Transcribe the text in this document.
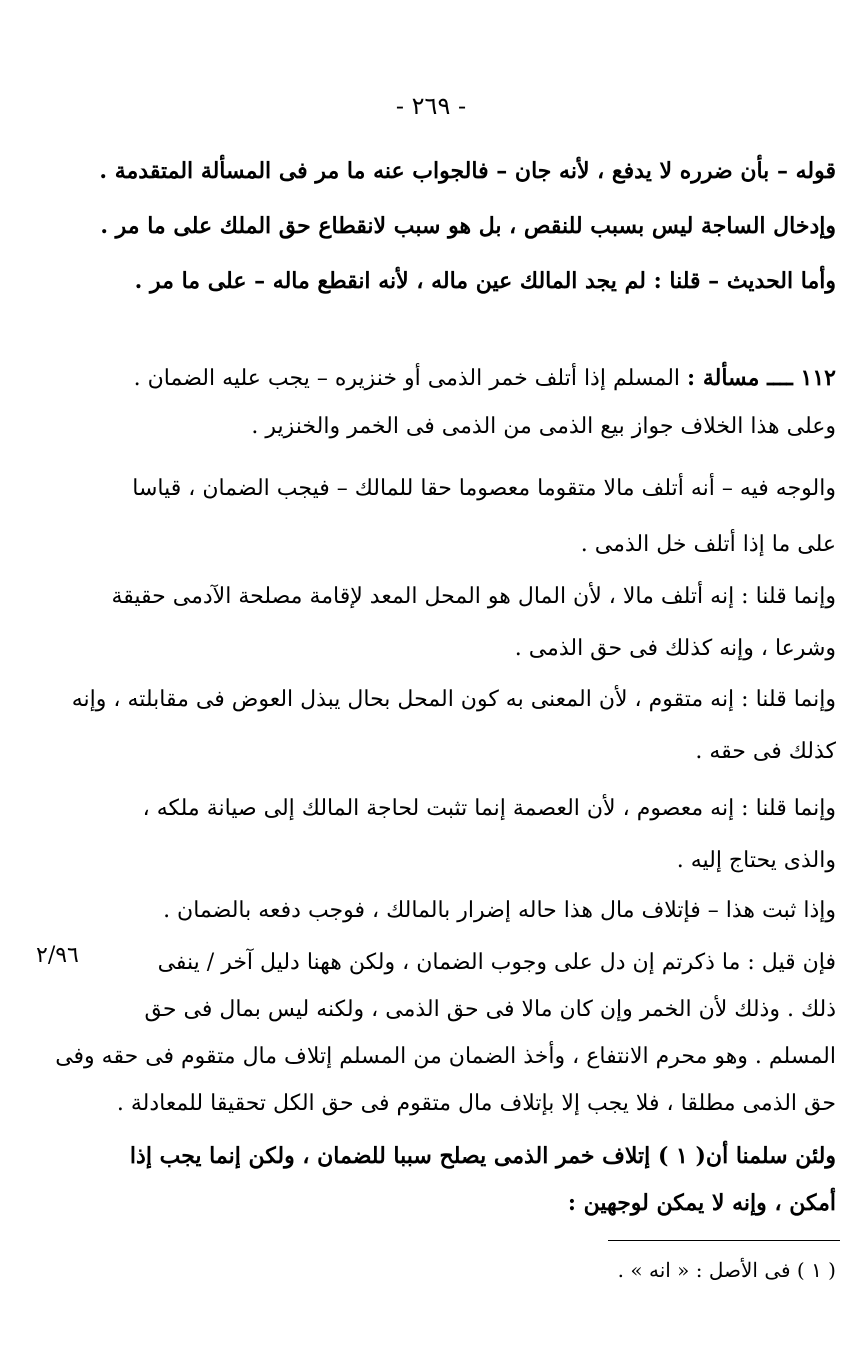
- ٢٦٩ -
قوله – بأن ضرره لا يدفع ، لأنه جان – فالجواب عنه ما مر فى المسألة المتقدمة .
وإدخال الساجة ليس بسبب للنقص ، بل هو سبب لانقطاع حق الملك على ما مر .
وأما الحديث – قلنا : لم يجد المالك عين ماله ، لأنه انقطع ماله – على ما مر .
١١٢ ــــ مسألة : المسلم إذا أتلف خمر الذمى أو خنزيره – يجب عليه الضمان .
وعلى هذا الخلاف جواز بيع الذمى من الذمى فى الخمر والخنزير .
والوجه فيه – أنه أتلف مالا متقوما معصوما حقا للمالك – فيجب الضمان ، قياسا
على ما إذا أتلف خل الذمى .
وإنما قلنا : إنه أتلف مالا ، لأن المال هو المحل المعد لإقامة مصلحة الآدمى حقيقة
وشرعا ، وإنه كذلك فى حق الذمى .
وإنما قلنا : إنه متقوم ، لأن المعنى به كون المحل بحال يبذل العوض فى مقابلته ، وإنه
كذلك فى حقه .
وإنما قلنا : إنه معصوم ، لأن العصمة إنما تثبت لحاجة المالك إلى صيانة ملكه ،
والذى يحتاج إليه .
وإذا ثبت هذا – فإتلاف مال هذا حاله إضرار بالمالك ، فوجب دفعه بالضمان .
٢/٩٦	فإن قيل : ما ذكرتم إن دل على وجوب الضمان ، ولكن ههنا دليل آخر / ينفى
ذلك . وذلك لأن الخمر وإن كان مالا فى حق الذمى ، ولكنه ليس بمال فى حق
المسلم . وهو محرم الانتفاع ، وأخذ الضمان من المسلم إتلاف مال متقوم فى حقه وفى
حق الذمى مطلقا ، فلا يجب إلا بإتلاف مال متقوم فى حق الكل تحقيقا للمعادلة .
ولئن سلمنا أن( ١ ) إتلاف خمر الذمى يصلح سببا للضمان ، ولكن إنما يجب إذا
أمكن ، وإنه لا يمكن لوجهين :
( ١ ) فى الأصل : « انه » .
